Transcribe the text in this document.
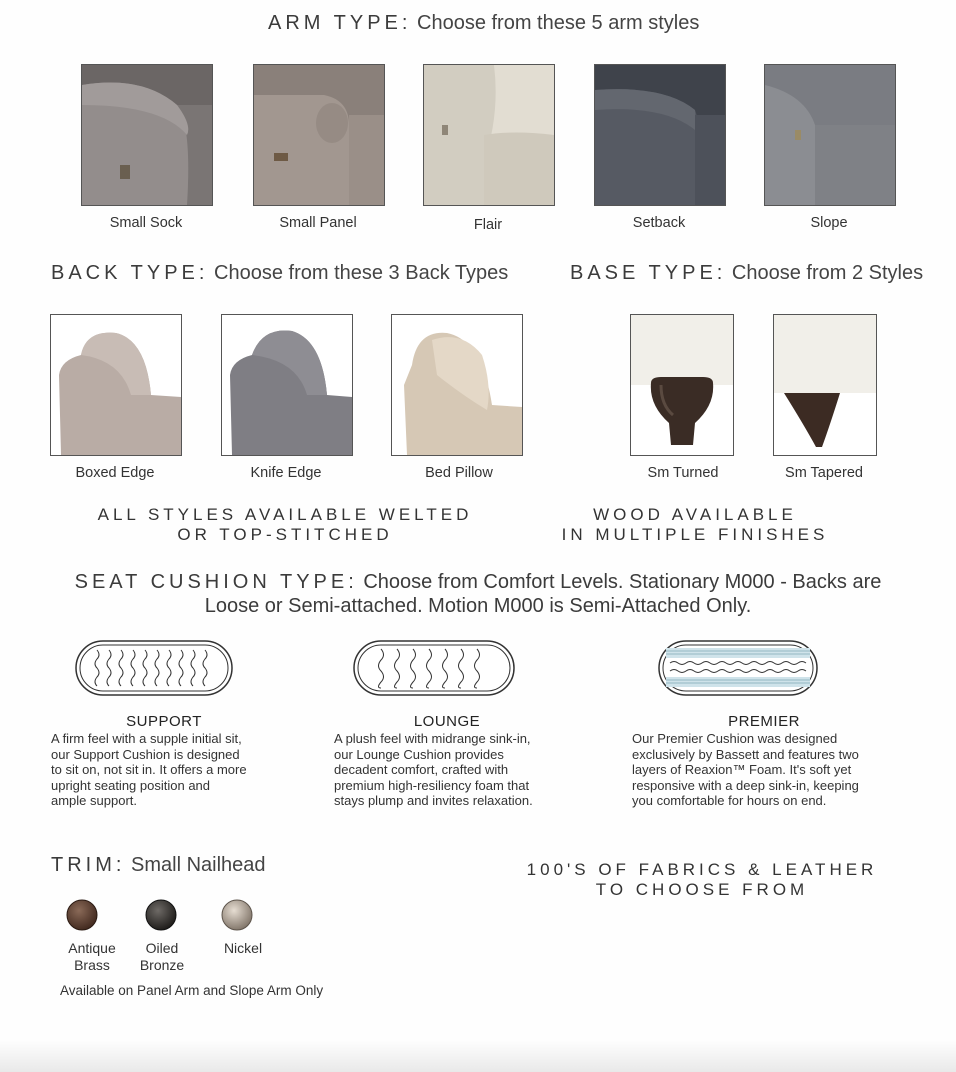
ARM TYPE: Choose from these 5 arm styles
Small Sock	Small Panel	Flair	Setback	Slope
BACK TYPE: Choose from these 3 Back Types
Boxed Edge	Knife Edge	Bed Pillow
ALL STYLES AVAILABLE WELTED
OR TOP-STITCHED
BASE TYPE: Choose from 2 Styles
Sm Turned	Sm Tapered
WOOD AVAILABLE
IN MULTIPLE FINISHES
SEAT CUSHION TYPE: Choose from Comfort Levels. Stationary M000 - Backs are
Loose or Semi-attached. Motion M000 is Semi-Attached Only.
SUPPORT	LOUNGE	PREMIER
A firm feel with a supple initial sit,
our Support Cushion is designed
to sit on, not sit in. It offers a more
upright seating position and
ample support.
A plush feel with midrange sink-in,
our Lounge Cushion provides
decadent comfort, crafted with
premium high-resiliency foam that
stays plump and invites relaxation.
Our Premier Cushion was designed
exclusively by Bassett and features two
layers of Reaxion™ Foam. It's soft yet
responsive with a deep sink-in, keeping
you comfortable for hours on end.
TRIM: Small Nailhead
Antique
Brass
Oiled
Bronze
Nickel
Available on Panel Arm and Slope Arm Only
100'S OF FABRICS & LEATHER
TO CHOOSE FROM
